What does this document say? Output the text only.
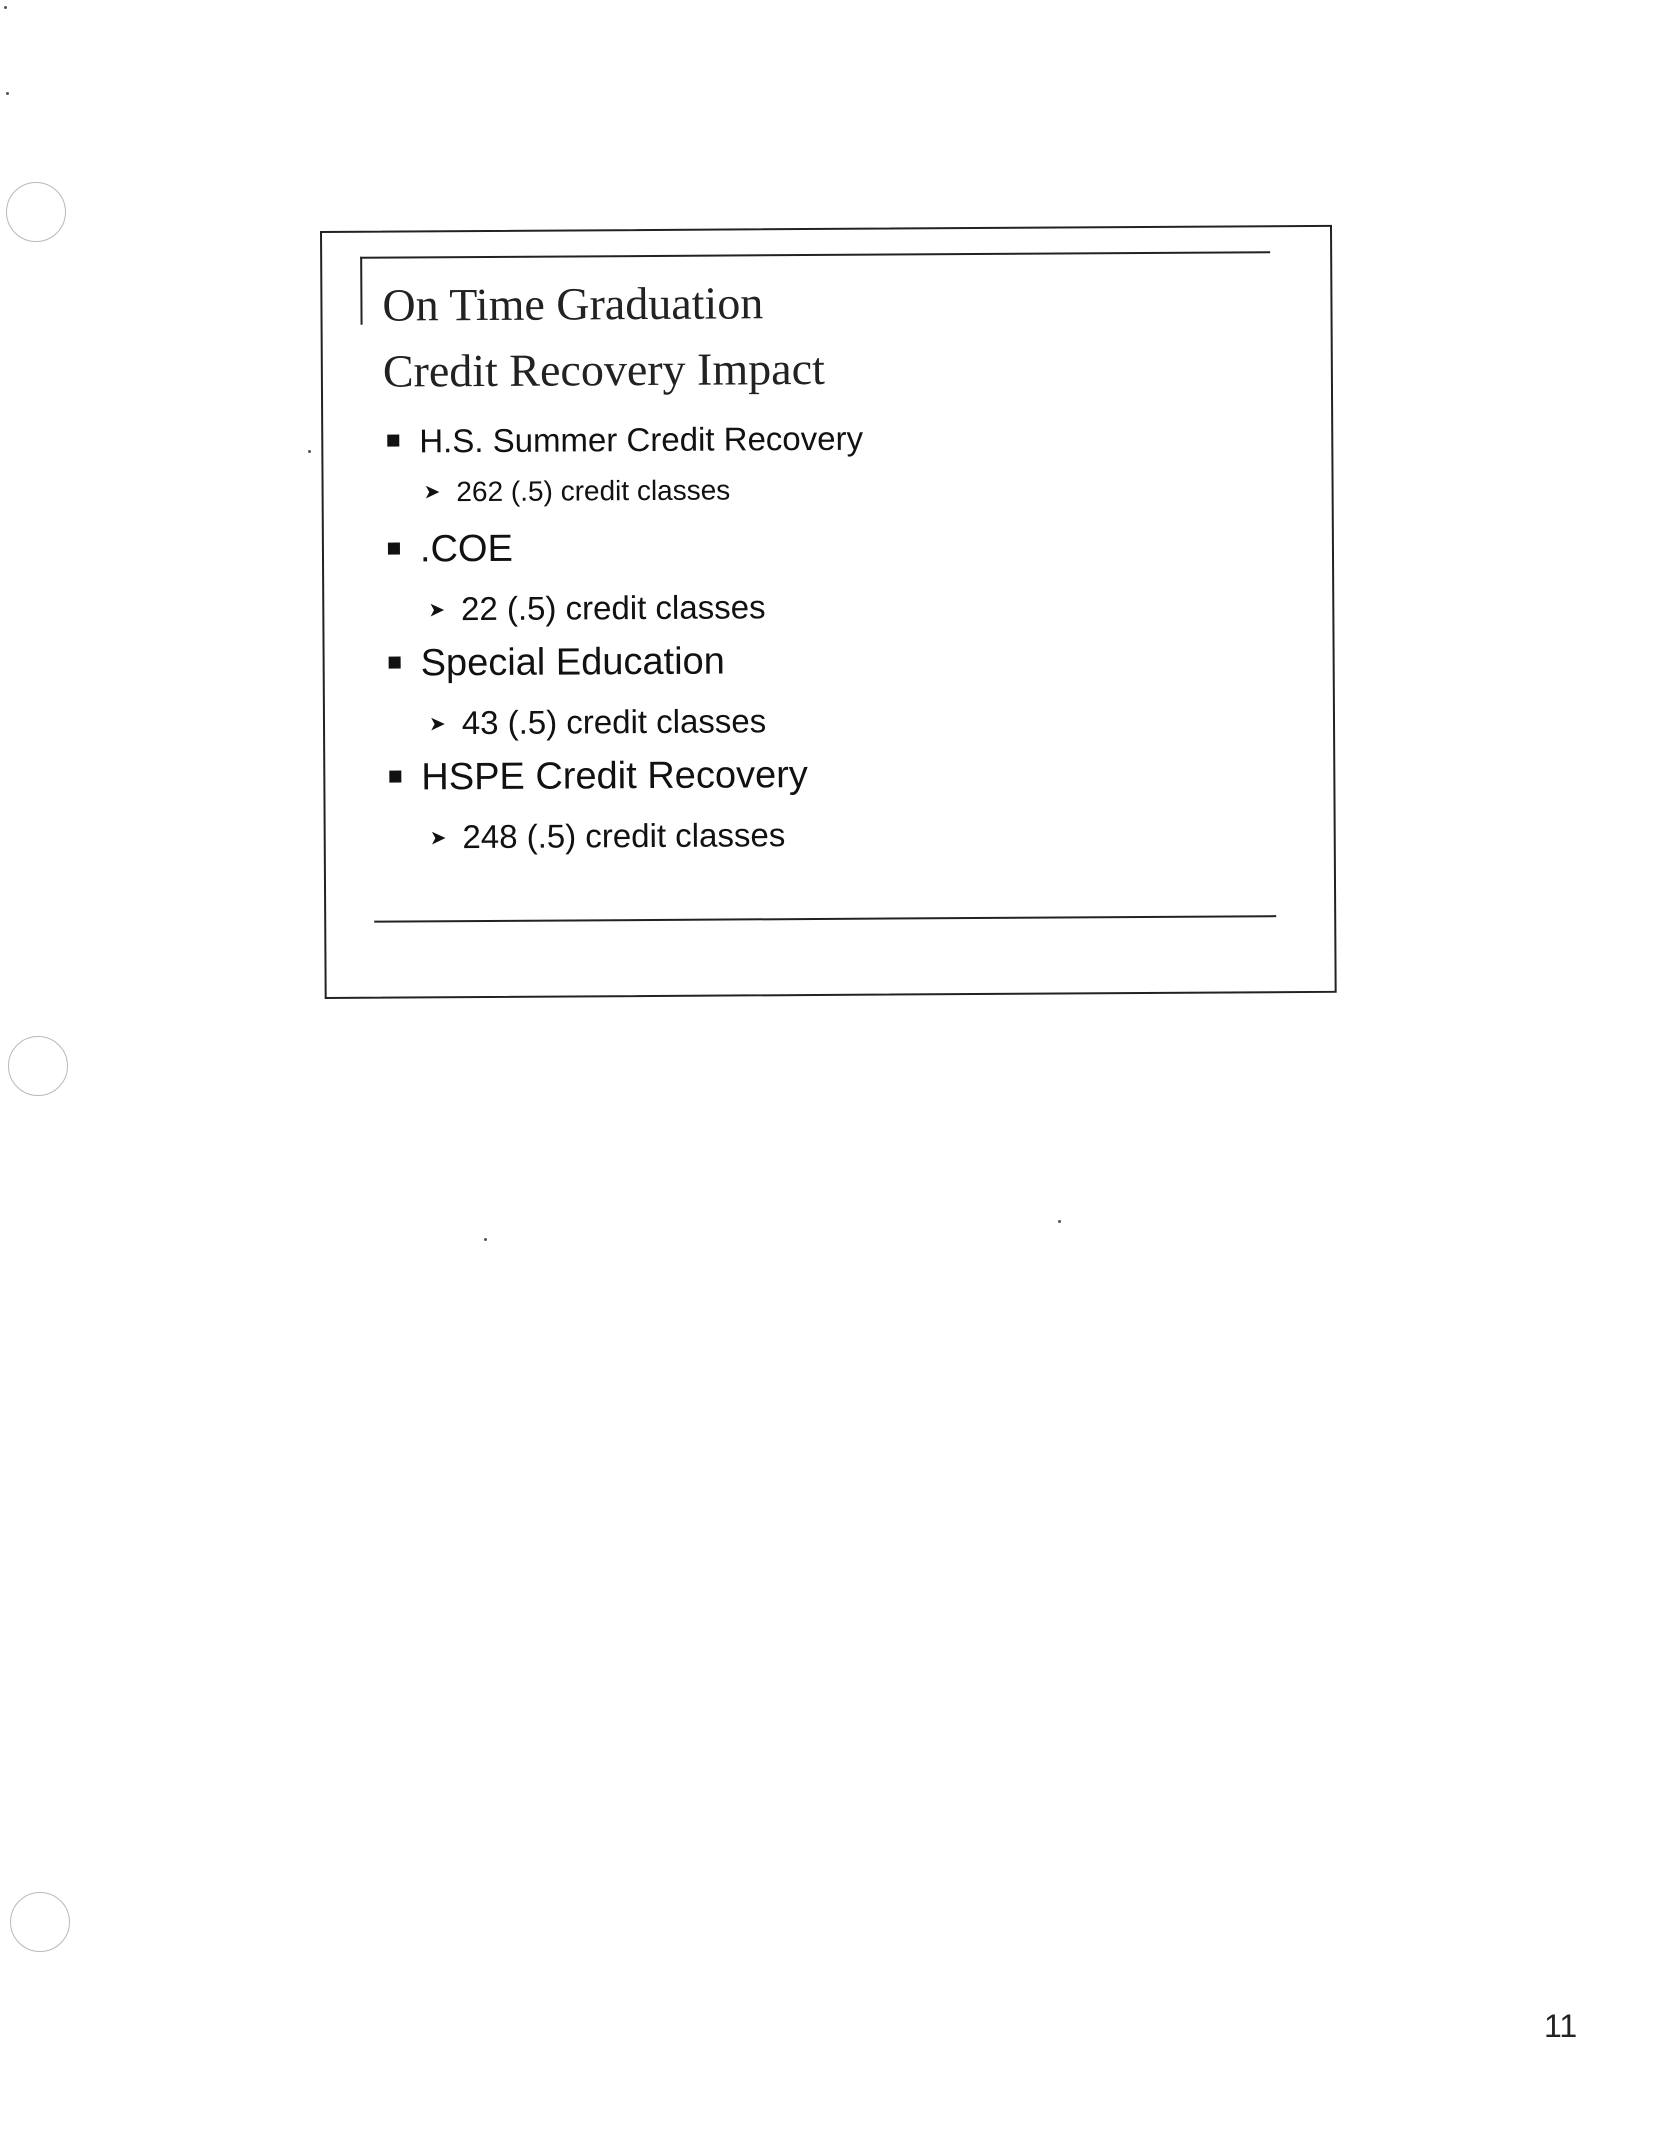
On Time Graduation
Credit Recovery Impact
H.S. Summer Credit Recovery
➤ 262 (.5) credit classes
.COE
➤ 22 (.5) credit classes
Special Education
➤ 43 (.5) credit classes
HSPE Credit Recovery
➤ 248 (.5) credit classes
11
